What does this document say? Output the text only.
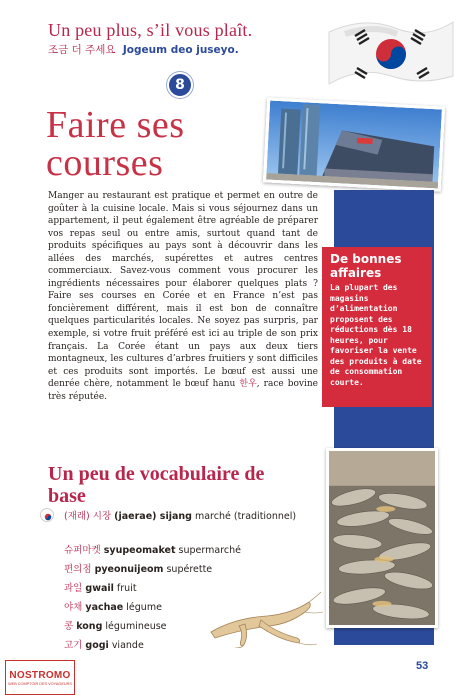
Un peu plus, s’il vous plaît.
조금 더 주세요 Jogeum deo juseyo.
8
Faire ses
courses

Manger au restaurant est pratique et permet en outre de goûter à la cuisine locale. Mais si vous séjournez dans un appartement, il peut également être agréable de préparer vos repas seul ou entre amis, surtout quand tant de produits spécifiques au pays sont à découvrir dans les allées des marchés, supérettes et autres centres commerciaux. Savez-vous comment vous procurer les ingrédients nécessaires pour élaborer quelques plats ? Faire ses courses en Corée et en France n’est pas foncièrement différent, mais il est bon de connaître quelques particularités locales. Ne soyez pas surpris, par exemple, si votre fruit préféré est ici au triple de son prix français. La Corée étant un pays aux deux tiers montagneux, les cultures d’arbres fruitiers y sont difficiles et ces produits sont importés. Le bœuf est aussi une denrée chère, notamment le bœuf hanu 한우, race bovine très réputée.

De bonnes affaires
La plupart des magasins d’alimentation proposent des réductions dès 18 heures, pour favoriser la vente des produits à date de consommation courte.
Un peu de vocabulaire de base
(재래) 시장 (jaerae) sijang marché (traditionnel)
슈퍼마켓 syupeomaket supermarché
편의점 pyeonuijeom supérette
과일 gwail fruit
야채 yachae légume
콩 kong légumineuse
고기 gogi viande
NOSTROMO
WEB COMPTOIR DES VOYAGEURS
53
